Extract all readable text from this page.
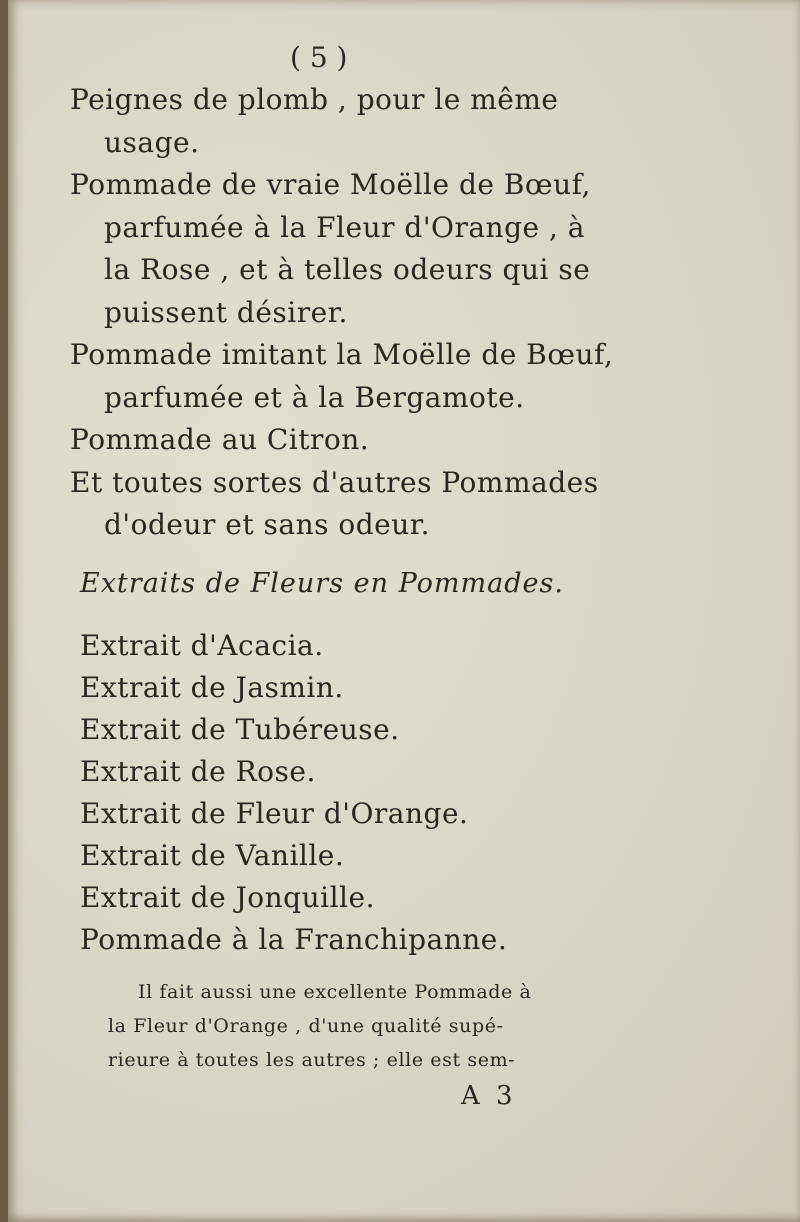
( 5 )
Peignes de plomb , pour le même
usage.
Pommade de vraie Moëlle de Bœuf,
parfumée à la Fleur d'Orange , à
la Rose , et à telles odeurs qui se
puissent désirer.
Pommade imitant la Moëlle de Bœuf,
parfumée et à la Bergamote.
Pommade au Citron.
Et toutes sortes d'autres Pommades
d'odeur et sans odeur.
Extraits de Fleurs en Pommades.
Extrait d'Acacia.
Extrait de Jasmin.
Extrait de Tubéreuse.
Extrait de Rose.
Extrait de Fleur d'Orange.
Extrait de Vanille.
Extrait de Jonquille.
Pommade à la Franchipanne.
Il fait aussi une excellente Pommade à
la Fleur d'Orange , d'une qualité supé-
rieure à toutes les autres ; elle est sem-
A 3
